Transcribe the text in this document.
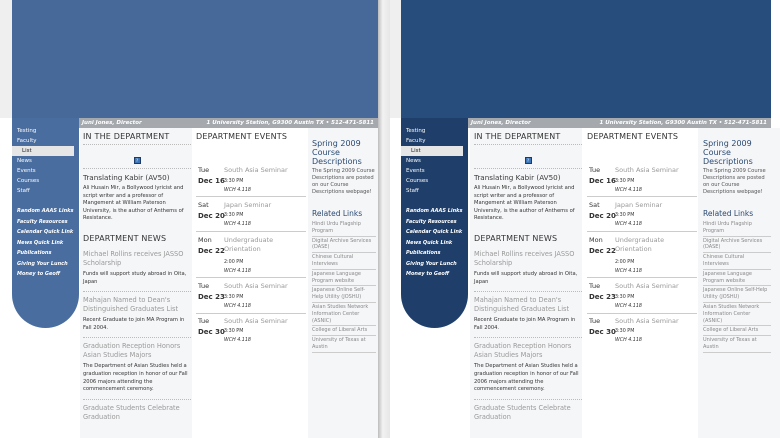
Juni Jones, Director	1 University Station, G9300 Austin TX • 512-471-5811
Testing
Faculty
List
News
Events
Courses
Staff
Random AAAS Links
Faculty Resources
Calendar Quick Link
News Quick Link
Publications
Giving Your Lunch
Money to Geoff
IN THE DEPARTMENT
?
Translating Kabir (AV50)
Ali Husain Mir, a Bollywood lyricist and script writer and a professor of Mangement at William Paterson University, is the author of Anthems of Resistance.
DEPARTMENT NEWS
Michael Rollins receives JASSO Scholarship
Funds will support study abroad in Oita, Japan
Mahajan Named to Dean's Distinguished Graduates List
Recent Graduate to join MA Program in Fall 2004.
Graduation Reception Honors Asian Studies Majors
The Department of Asian Studies held a graduation reception in honor of our Fall 2006 majors attending the commencement ceremony.
Graduate Students Celebrate Graduation
DEPARTMENT EVENTS
Tue
Dec 16
South Asia Seminar
3:30 PM
WCH 4.118
Sat
Dec 20
Japan Seminar
3:30 PM
WCH 4.118
Mon
Dec 22
Undergraduate Orientation
2:00 PM
WCH 4.118
Tue
Dec 23
South Asia Seminar
3:30 PM
WCH 4.118
Tue
Dec 30
South Asia Seminar
3:30 PM
WCH 4.118
Spring 2009 Course Descriptions
The Spring 2009 Course Descriptions are posted on our Course Descriptions webpage!
Related Links
Hindi Urdu Flagship Program
Digital Archive Services (DASE)
Chinese Cultural Interviews
Japanese Language Program website
Japanese Online Self-Help Utility (JOSHU)
Asian Studies Network Information Center (ASNIC)
College of Liberal Arts
University of Texas at Austin
Juni Jones, Director	1 University Station, G9300 Austin TX • 512-471-5811
Testing
Faculty
List
News
Events
Courses
Staff
Random AAAS Links
Faculty Resources
Calendar Quick Link
News Quick Link
Publications
Giving Your Lunch
Money to Geoff
IN THE DEPARTMENT
?
Translating Kabir (AV50)
Ali Husain Mir, a Bollywood lyricist and script writer and a professor of Mangement at William Paterson University, is the author of Anthems of Resistance.
DEPARTMENT NEWS
Michael Rollins receives JASSO Scholarship
Funds will support study abroad in Oita, Japan
Mahajan Named to Dean's Distinguished Graduates List
Recent Graduate to join MA Program in Fall 2004.
Graduation Reception Honors Asian Studies Majors
The Department of Asian Studies held a graduation reception in honor of our Fall 2006 majors attending the commencement ceremony.
Graduate Students Celebrate Graduation
DEPARTMENT EVENTS
Tue
Dec 16
South Asia Seminar
3:30 PM
WCH 4.118
Sat
Dec 20
Japan Seminar
3:30 PM
WCH 4.118
Mon
Dec 22
Undergraduate Orientation
2:00 PM
WCH 4.118
Tue
Dec 23
South Asia Seminar
3:30 PM
WCH 4.118
Tue
Dec 30
South Asia Seminar
3:30 PM
WCH 4.118
Spring 2009 Course Descriptions
The Spring 2009 Course Descriptions are posted on our Course Descriptions webpage!
Related Links
Hindi Urdu Flagship Program
Digital Archive Services (DASE)
Chinese Cultural Interviews
Japanese Language Program website
Japanese Online Self-Help Utility (JOSHU)
Asian Studies Network Information Center (ASNIC)
College of Liberal Arts
University of Texas at Austin
